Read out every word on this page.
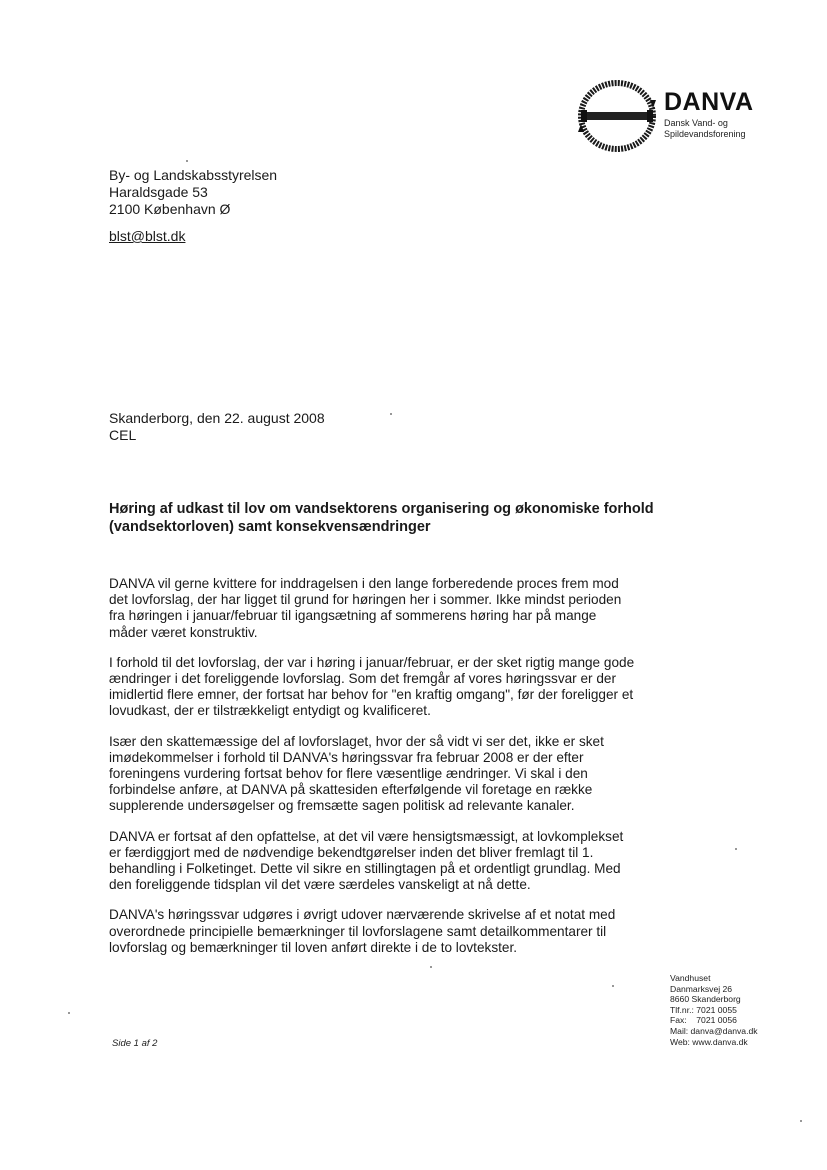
DANVA
Dansk Vand- og
Spildevandsforening
By- og Landskabsstyrelsen
Haraldsgade 53
2100 København Ø
blst@blst.dk
Skanderborg, den 22. august 2008
CEL
Høring af udkast til lov om vandsektorens organisering og økonomiske forhold (vandsektorloven) samt konsekvensændringer

DANVA vil gerne kvittere for inddragelsen i den lange forberedende proces frem mod det lovforslag, der har ligget til grund for høringen her i sommer. Ikke mindst perioden fra høringen i januar/februar til igangsætning af sommerens høring har på mange måder været konstruktiv.

I forhold til det lovforslag, der var i høring i januar/februar, er der sket rigtig mange gode ændringer i det foreliggende lovforslag. Som det fremgår af vores høringssvar er der imidlertid flere emner, der fortsat har behov for "en kraftig omgang", før der foreligger et lovudkast, der er tilstrækkeligt entydigt og kvalificeret.

Især den skattemæssige del af lovforslaget, hvor der så vidt vi ser det, ikke er sket imødekommelser i forhold til DANVA's høringssvar fra februar 2008 er der efter foreningens vurdering fortsat behov for flere væsentlige ændringer. Vi skal i den forbindelse anføre, at DANVA på skattesiden efterfølgende vil foretage en række supplerende undersøgelser og fremsætte sagen politisk ad relevante kanaler.

DANVA er fortsat af den opfattelse, at det vil være hensigtsmæssigt, at lovkomplekset er færdiggjort med de nødvendige bekendtgørelser inden det bliver fremlagt til 1. behandling i Folketinget. Dette vil sikre en stillingtagen på et ordentligt grundlag. Med den foreliggende tidsplan vil det være særdeles vanskeligt at nå dette.

DANVA's høringssvar udgøres i øvrigt udover nærværende skrivelse af et notat med overordnede principielle bemærkninger til lovforslagene samt detailkommentarer til lovforslag og bemærkninger til loven anført direkte i de to lovtekster.

Vandhuset
Danmarksvej 26
8660 Skanderborg
Tlf.nr.: 7021 0055
Fax:    7021 0056
Mail: danva@danva.dk
Web: www.danva.dk
Side 1 af 2
